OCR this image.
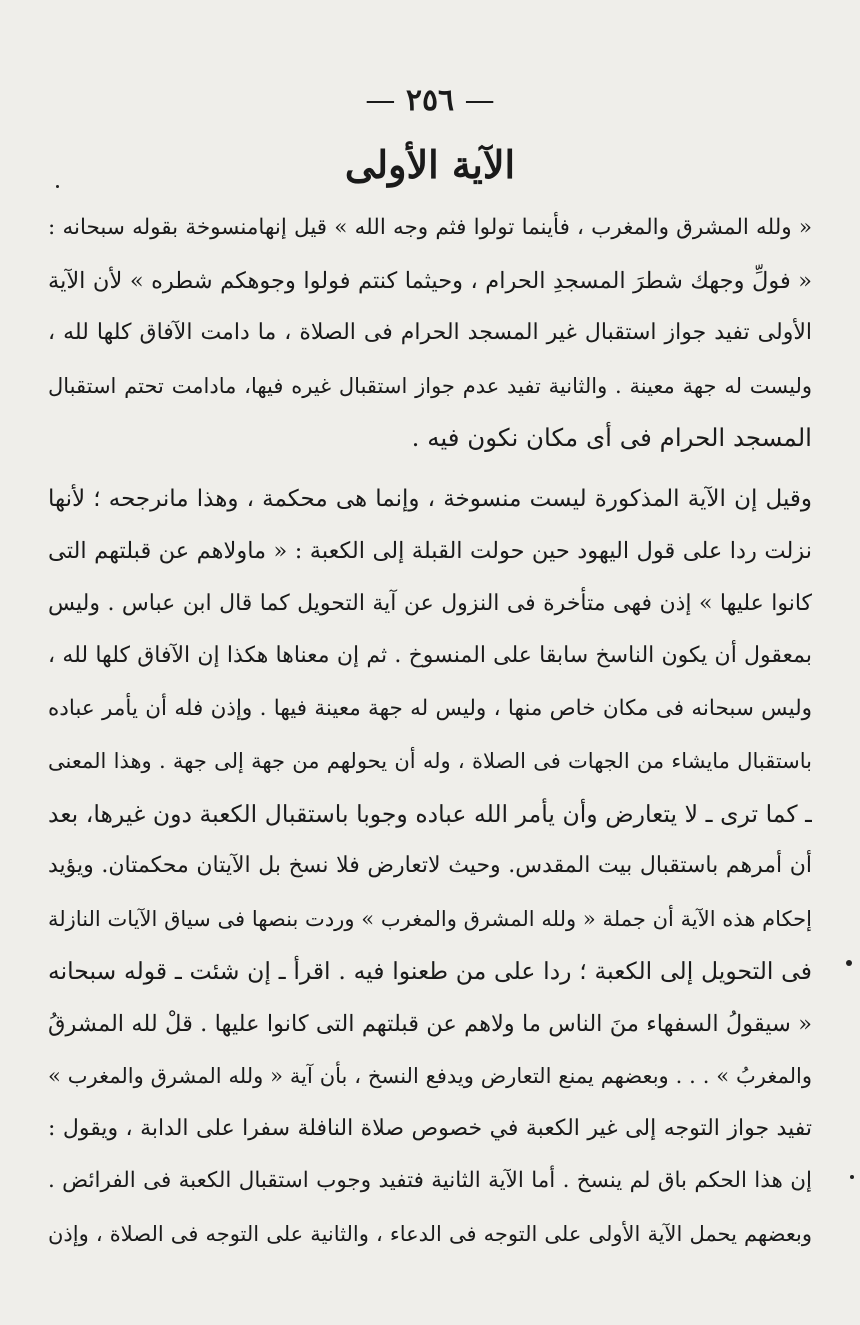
— ٢٥٦ —
الآية الأولى

« ولله المشرق والمغرب ، فأينما تولوا فثم وجه الله » قيل إنهامنسوخة بقوله سبحانه :
« فولِّ وجهك شطرَ المسجدِ الحرام ، وحيثما كنتم فولوا وجوهكم شطره » لأن الآية
الأولى تفيد جواز استقبال غير المسجد الحرام فى الصلاة ، ما دامت الآفاق كلها لله ،
وليست له جهة معينة . والثانية تفيد عدم جواز استقبال غيره فيها، مادامت تحتم استقبال
المسجد الحرام فى أى مكان نكون فيه .

وقيل إن الآية المذكورة ليست منسوخة ، وإنما هى محكمة ، وهذا مانرجحه ؛ لأنها
نزلت ردا على قول اليهود حين حولت القبلة إلى الكعبة : « ماولاهم عن قبلتهم التى
كانوا عليها » إذن فهى متأخرة فى النزول عن آية التحويل كما قال ابن عباس . وليس
بمعقول أن يكون الناسخ سابقا على المنسوخ . ثم إن معناها هكذا إن الآفاق كلها لله ،
وليس سبحانه فى مكان خاص منها ، وليس له جهة معينة فيها . وإذن فله أن يأمر عباده
باستقبال مايشاء من الجهات فى الصلاة ، وله أن يحولهم من جهة إلى جهة . وهذا المعنى
ـ كما ترى ـ لا يتعارض وأن يأمر الله عباده وجوبا باستقبال الكعبة دون غيرها، بعد
أن أمرهم باستقبال بيت المقدس. وحيث لاتعارض فلا نسخ بل الآيتان محكمتان. ويؤيد
إحكام هذه الآية أن جملة « ولله المشرق والمغرب » وردت بنصها فى سياق الآيات النازلة
فى التحويل إلى الكعبة ؛ ردا على من طعنوا فيه . اقرأ ـ إن شئت ـ قوله سبحانه
« سيقولُ السفهاء منَ الناس ما ولاهم عن قبلتهم التى كانوا عليها . قلْ لله المشرقُ
والمغربُ » . . . وبعضهم يمنع التعارض ويدفع النسخ ، بأن آية « ولله المشرق والمغرب »
تفيد جواز التوجه إلى غير الكعبة في خصوص صلاة النافلة سفرا على الدابة ، ويقول :
إن هذا الحكم باق لم ينسخ . أما الآية الثانية فتفيد وجوب استقبال الكعبة فى الفرائض .
وبعضهم يحمل الآية الأولى على التوجه فى الدعاء ، والثانية على التوجه فى الصلاة ، وإذن
